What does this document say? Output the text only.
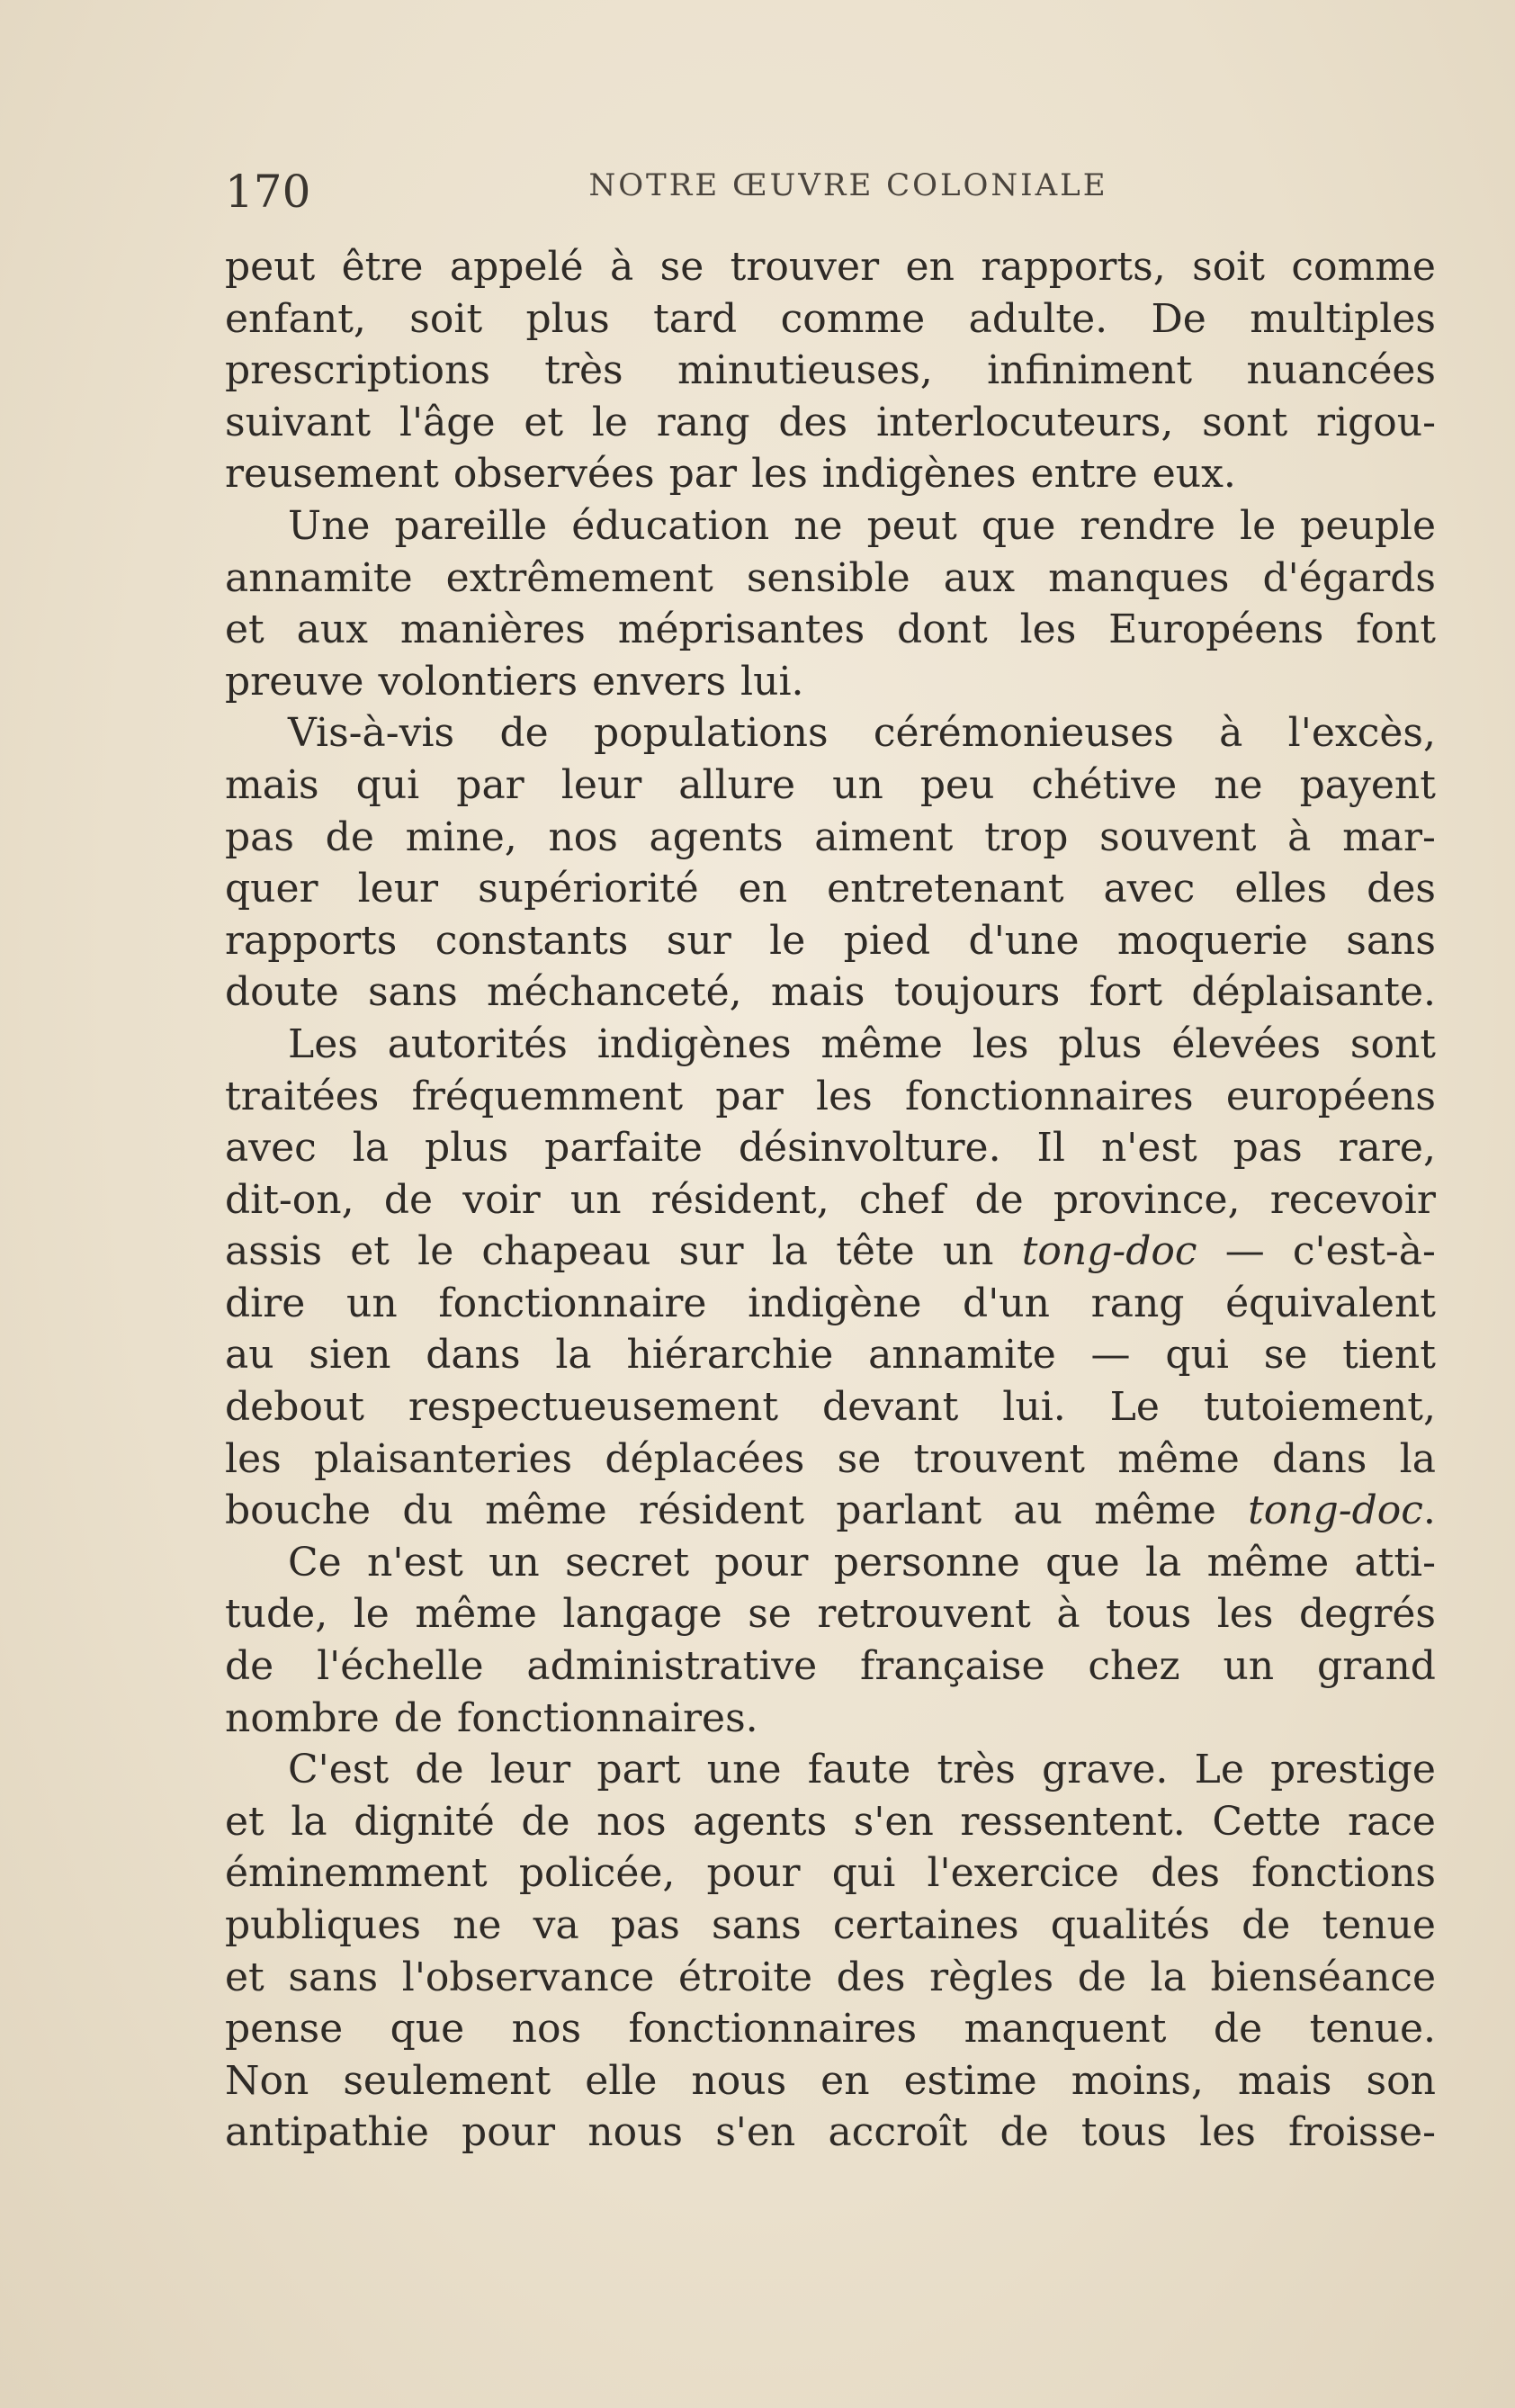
170	NOTRE ŒUVRE COLONIALE
peut être appelé à se trouver en rapports, soit comme
enfant, soit plus tard comme adulte. De multiples
prescriptions très minutieuses, infiniment nuancées
suivant l'âge et le rang des interlocuteurs, sont rigou-
reusement observées par les indigènes entre eux.
Une pareille éducation ne peut que rendre le peuple
annamite extrêmement sensible aux manques d'égards
et aux manières méprisantes dont les Européens font
preuve volontiers envers lui.
Vis-à-vis de populations cérémonieuses à l'excès,
mais qui par leur allure un peu chétive ne payent
pas de mine, nos agents aiment trop souvent à mar-
quer leur supériorité en entretenant avec elles des
rapports constants sur le pied d'une moquerie sans
doute sans méchanceté, mais toujours fort déplaisante.
Les autorités indigènes même les plus élevées sont
traitées fréquemment par les fonctionnaires européens
avec la plus parfaite désinvolture. Il n'est pas rare,
dit-on, de voir un résident, chef de province, recevoir
assis et le chapeau sur la tête un tong-doc — c'est-à-
dire un fonctionnaire indigène d'un rang équivalent
au sien dans la hiérarchie annamite — qui se tient
debout respectueusement devant lui. Le tutoiement,
les plaisanteries déplacées se trouvent même dans la
bouche du même résident parlant au même tong-doc.
Ce n'est un secret pour personne que la même atti-
tude, le même langage se retrouvent à tous les degrés
de l'échelle administrative française chez un grand
nombre de fonctionnaires.
C'est de leur part une faute très grave. Le prestige
et la dignité de nos agents s'en ressentent. Cette race
éminemment policée, pour qui l'exercice des fonctions
publiques ne va pas sans certaines qualités de tenue
et sans l'observance étroite des règles de la bienséance
pense que nos fonctionnaires manquent de tenue.
Non seulement elle nous en estime moins, mais son
antipathie pour nous s'en accroît de tous les froisse-
